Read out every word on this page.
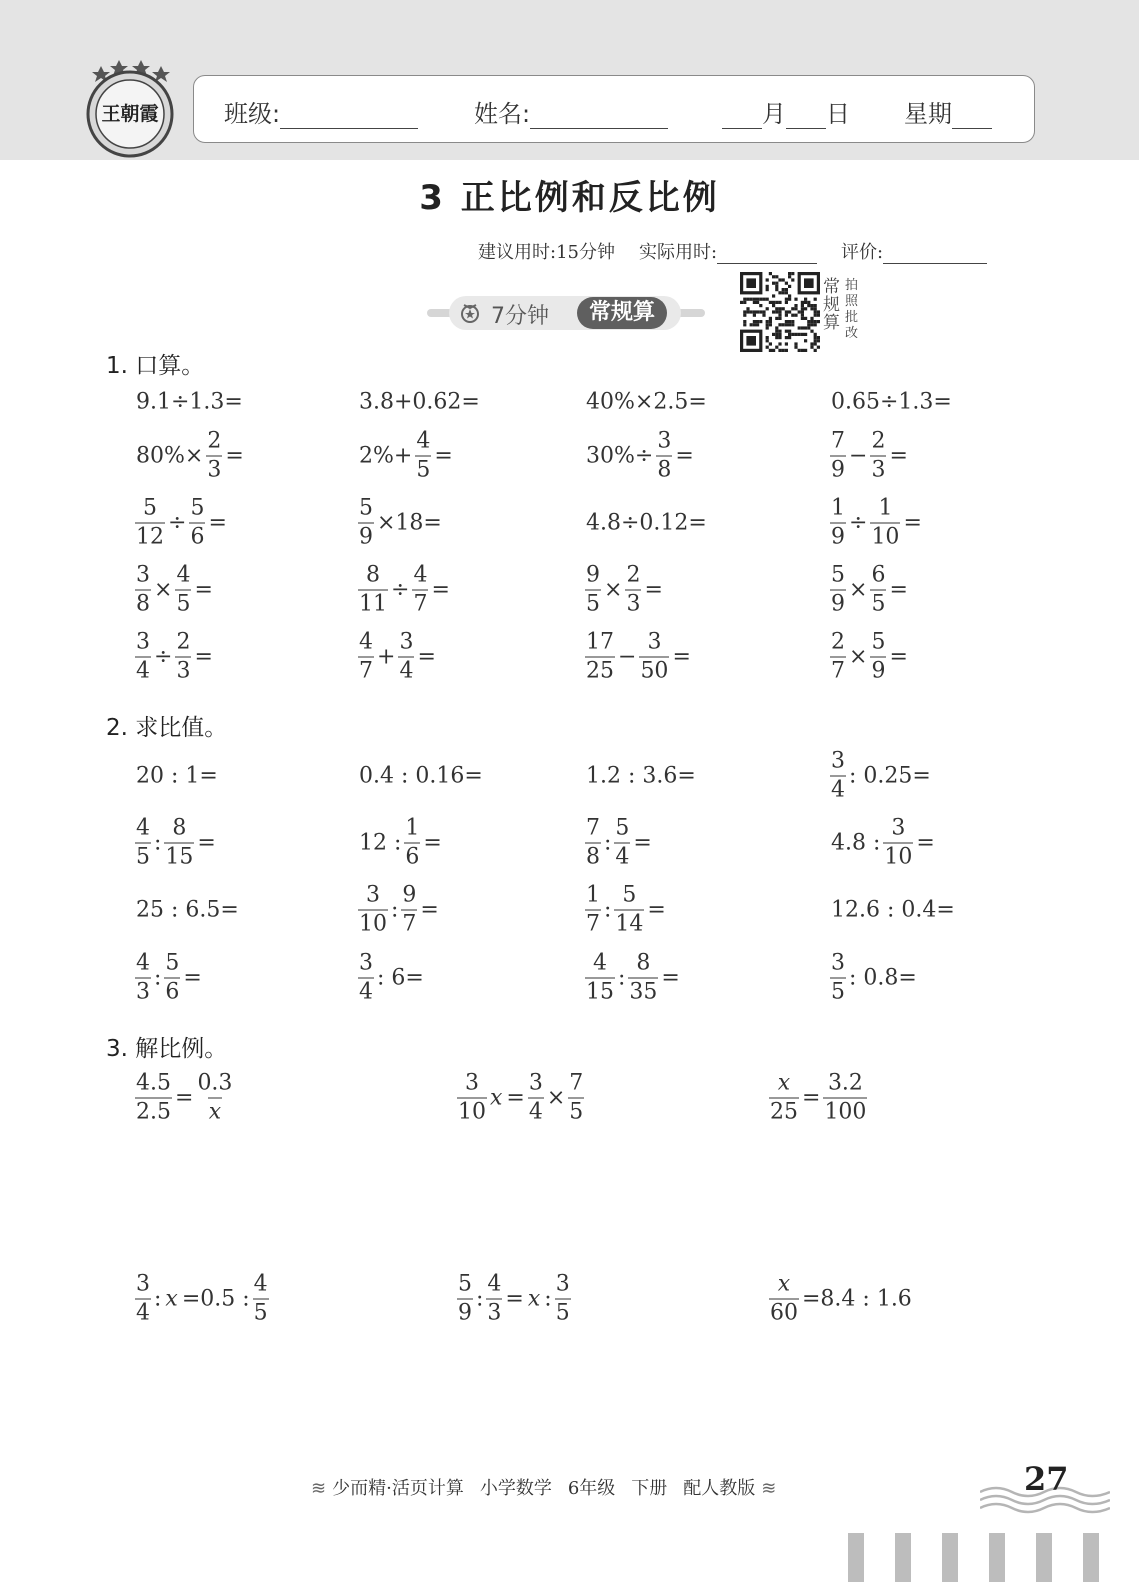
王朝霞	班级:	姓名:	月 日 星期
3 正比例和反比例
建议用时:15分钟 实际用时:	评价:
7分钟	常规算
常
规
算
拍
照
批
改
1. 口算。
2. 求比值。
3. 解比例。
9.1÷1.3=	3.8+0.62=	40%×2.5=	0.65÷1.3=
$80\%\times \frac{2}{3}$ =	$2\%+ \frac{4}{5}$ =	$30\%\div \frac{3}{8}$ =	$\frac{7}{9} - \frac{2}{3}$ =
$\frac{5}{12} \div \frac{5}{6}$ =	$\frac{5}{9} \times 18=$	4.8÷0.12=	$\frac{1}{9} \div \frac{1}{10}$ =
$\frac{3}{8} \times \frac{4}{5}$ =	$\frac{8}{11} \div \frac{4}{7}$ =	$\frac{9}{5} \times \frac{2}{3}$ =	$\frac{5}{9} \times \frac{6}{5}$ =
$\frac{3}{4} \div \frac{2}{3}$ =	$\frac{4}{7} + \frac{3}{4}$ =	$\frac{17}{25} - \frac{3}{50}$ =	$\frac{2}{7} \times \frac{5}{9}$ =
20 : 1=	0.4 : 0.16=	1.2 : 3.6=	$\frac{3}{4}$ : 0.25=
$\frac{4}{5}$ : $\frac{8}{15}$ =	12 : $\frac{1}{6}$ =	$\frac{7}{8}$ : $\frac{5}{4}$ =	4.8 : $\frac{3}{10}$ =
25 : 6.5=	$\frac{3}{10}$ : $\frac{9}{7}$ =	$\frac{1}{7}$ : $\frac{5}{14}$ =	12.6 : 0.4=
$\frac{4}{3}$ : $\frac{5}{6}$ =	$\frac{3}{4}$ : 6=	$\frac{4}{15}$ : $\frac{8}{35}$ =	$\frac{3}{5}$ : 0.8=
$\frac{4.5}{2.5} = \frac{0.3}{x}$	$\frac{3}{10}$ $x = \frac{3}{4} \times \frac{7}{5}$	$\frac{x}{25} = \frac{3.2}{100}$
$\frac{3}{4}$ : x =0.5 : $\frac{4}{5}$	$\frac{5}{9}$ : $\frac{4}{3} = x$ : $\frac{3}{5}$	$\frac{x}{60} =8.4$ : 1.6
≋ 少而精·活页计算 小学数学 6年级 下册 配人教版 ≋	27
